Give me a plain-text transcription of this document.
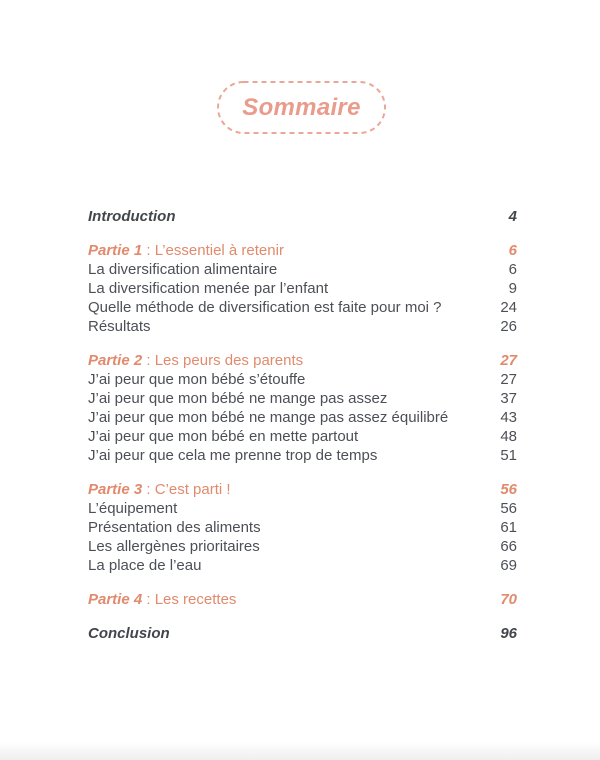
Sommaire
Introduction	4
Partie 1 : L’essentiel à retenir	6
La diversification alimentaire	6
La diversification menée par l’enfant	9
Quelle méthode de diversification est faite pour moi ?	24
Résultats	26
Partie 2 : Les peurs des parents	27
J’ai peur que mon bébé s’étouffe	27
J’ai peur que mon bébé ne mange pas assez	37
J’ai peur que mon bébé ne mange pas assez équilibré	43
J’ai peur que mon bébé en mette partout	48
J’ai peur que cela me prenne trop de temps	51
Partie 3 : C’est parti !	56
L’équipement	56
Présentation des aliments	61
Les allergènes prioritaires	66
La place de l’eau	69
Partie 4 : Les recettes	70
Conclusion	96
